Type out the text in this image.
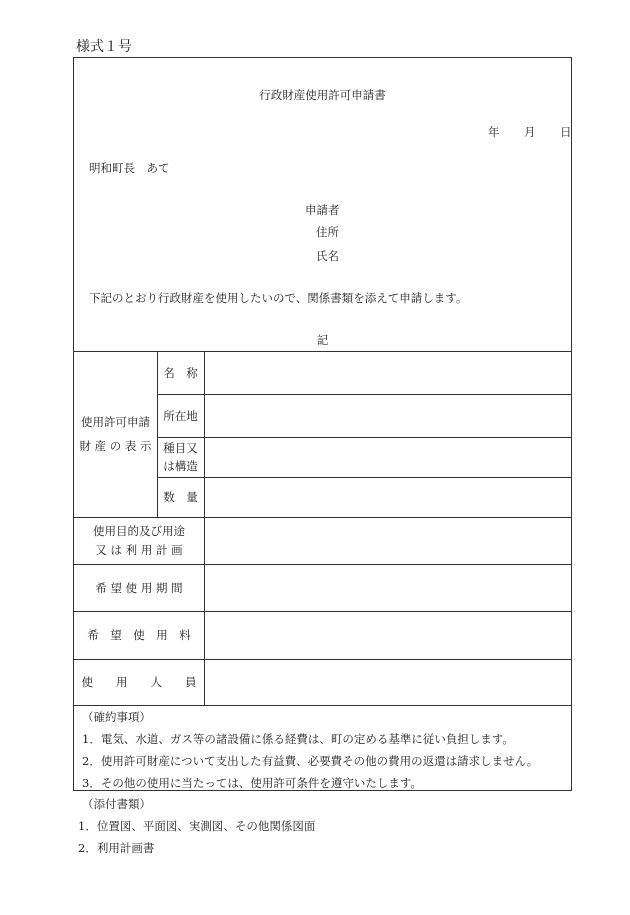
様式１号
行政財産使用許可申請書
年 月 日
明和町長　あて
申請者
住所
氏名
下記のとおり行政財産を使用したいので、関係書類を添えて申請します。
記
使用許可申請
財 産 の 表 示
名　称
所在地
種目又
は構造
数　量
使用目的及び用途
又 は 利 用 計 画
希 望 使 用 期 間
希　望　使　用　料
使　　用　　人　　員
（確約事項）
1．電気、水道、ガス等の諸設備に係る経費は、町の定める基準に従い負担します。
2．使用許可財産について支出した有益費、必要費その他の費用の返還は請求しません。
3．その他の使用に当たっては、使用許可条件を遵守いたします。
（添付書類）
1．位置図、平面図、実測図、その他関係図面
2．利用計画書
